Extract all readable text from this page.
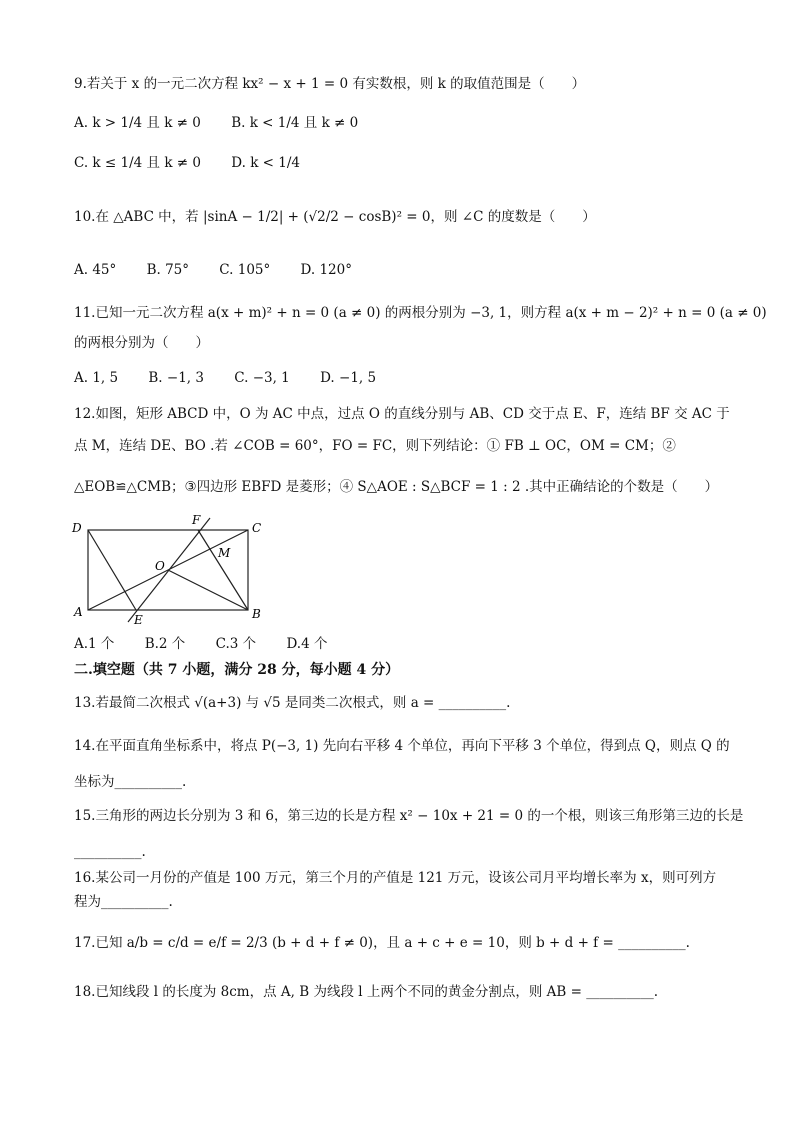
9.若关于 x 的一元二次方程 kx² − x + 1 = 0 有实数根，则 k 的取值范围是（　　）
A. k > 1/4 且 k ≠ 0 B. k < 1/4 且 k ≠ 0
C. k ≤ 1/4 且 k ≠ 0 D. k < 1/4
10.在 △ABC 中，若 |sinA − 1/2| + (√2/2 − cosB)² = 0，则 ∠C 的度数是（　　）
A. 45° B. 75° C. 105° D. 120°
11.已知一元二次方程 a(x + m)² + n = 0 (a ≠ 0) 的两根分别为 −3, 1，则方程 a(x + m − 2)² + n = 0 (a ≠ 0)
的两根分别为（　　）
A. 1, 5 B. −1, 3 C. −3, 1 D. −1, 5
12.如图，矩形 ABCD 中，O 为 AC 中点，过点 O 的直线分别与 AB、CD 交于点 E、F，连结 BF 交 AC 于
点 M，连结 DE、BO .若 ∠COB = 60°，FO = FC，则下列结论：① FB ⊥ OC，OM = CM；②
△EOB≌△CMB；③四边形 EBFD 是菱形；④ S△AOE : S△BCF = 1 : 2 .其中正确结论的个数是（　　）
D
F
C
M
O
A
E	B
A.1 个 B.2 个 C.3 个 D.4 个
二.填空题（共 7 小题，满分 28 分，每小题 4 分）
13.若最简二次根式 √(a+3) 与 √5 是同类二次根式，则 a = __________.
14.在平面直角坐标系中，将点 P(−3, 1) 先向右平移 4 个单位，再向下平移 3 个单位，得到点 Q，则点 Q 的
坐标为__________.
15.三角形的两边长分别为 3 和 6，第三边的长是方程 x² − 10x + 21 = 0 的一个根，则该三角形第三边的长是
__________.
16.某公司一月份的产值是 100 万元，第三个月的产值是 121 万元，设该公司月平均增长率为 x，则可列方
程为__________.
17.已知 a/b = c/d = e/f = 2/3 (b + d + f ≠ 0)，且 a + c + e = 10，则 b + d + f = __________.
18.已知线段 l 的长度为 8cm，点 A, B 为线段 l 上两个不同的黄金分割点，则 AB = __________.
